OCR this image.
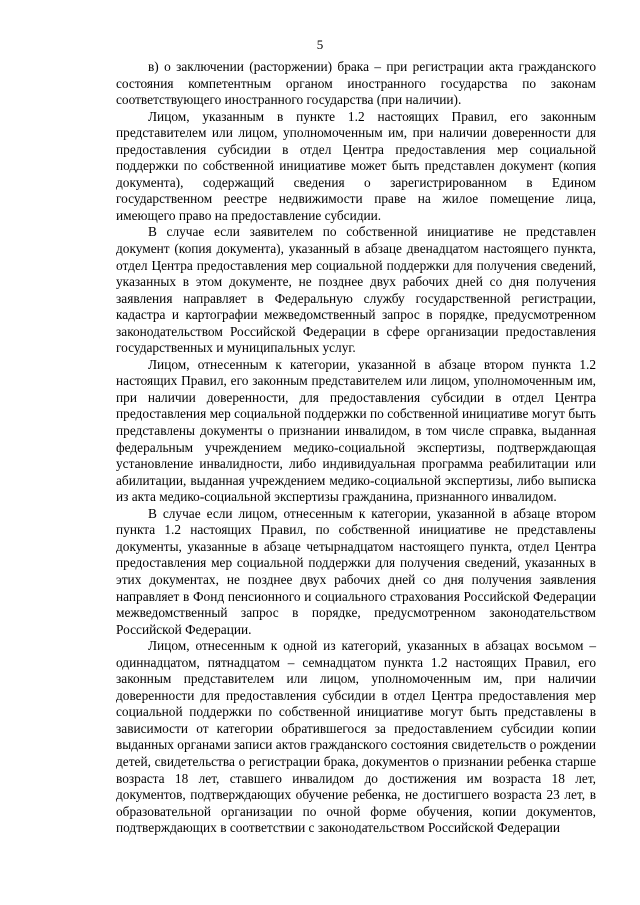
5

в) о заключении (расторжении) брака – при регистрации акта гражданского состояния компетентным органом иностранного государства по законам соответствующего иностранного государства (при наличии).

Лицом, указанным в пункте 1.2 настоящих Правил, его законным представителем или лицом, уполномоченным им, при наличии доверенности для предоставления субсидии в отдел Центра предоставления мер социальной поддержки по собственной инициативе может быть представлен документ (копия документа), содержащий сведения о зарегистрированном в Едином государственном реестре недвижимости праве на жилое помещение лица, имеющего право на предоставление субсидии.

В случае если заявителем по собственной инициативе не представлен документ (копия документа), указанный в абзаце двенадцатом настоящего пункта, отдел Центра предоставления мер социальной поддержки для получения сведений, указанных в этом документе, не позднее двух рабочих дней со дня получения заявления направляет в Федеральную службу государственной регистрации, кадастра и картографии межведомственный запрос в порядке, предусмотренном законодательством Российской Федерации в сфере организации предоставления государственных и муниципальных услуг.

Лицом, отнесенным к категории, указанной в абзаце втором пункта 1.2 настоящих Правил, его законным представителем или лицом, уполномоченным им, при наличии доверенности, для предоставления субсидии в отдел Центра предоставления мер социальной поддержки по собственной инициативе могут быть представлены документы о признании инвалидом, в том числе справка, выданная федеральным учреждением медико-социальной экспертизы, подтверждающая установление инвалидности, либо индивидуальная программа реабилитации или абилитации, выданная учреждением медико-социальной экспертизы, либо выписка из акта медико-социальной экспертизы гражданина, признанного инвалидом.

В случае если лицом, отнесенным к категории, указанной в абзаце втором пункта 1.2 настоящих Правил, по собственной инициативе не представлены документы, указанные в абзаце четырнадцатом настоящего пункта, отдел Центра предоставления мер социальной поддержки для получения сведений, указанных в этих документах, не позднее двух рабочих дней со дня получения заявления направляет в Фонд пенсионного и социального страхования Российской Федерации межведомственный запрос в порядке, предусмотренном законодательством Российской Федерации.

Лицом, отнесенным к одной из категорий, указанных в абзацах восьмом – одиннадцатом, пятнадцатом – семнадцатом пункта 1.2 настоящих Правил, его законным представителем или лицом, уполномоченным им, при наличии доверенности для предоставления субсидии в отдел Центра предоставления мер социальной поддержки по собственной инициативе могут быть представлены в зависимости от категории обратившегося за предоставлением субсидии копии выданных органами записи актов гражданского состояния свидетельств о рождении детей, свидетельства о регистрации брака, документов о признании ребенка старше возраста 18 лет, ставшего инвалидом до достижения им возраста 18 лет, документов, подтверждающих обучение ребенка, не достигшего возраста 23 лет, в образовательной организации по очной форме обучения, копии документов, подтверждающих в соответствии с законодательством Российской Федерации
